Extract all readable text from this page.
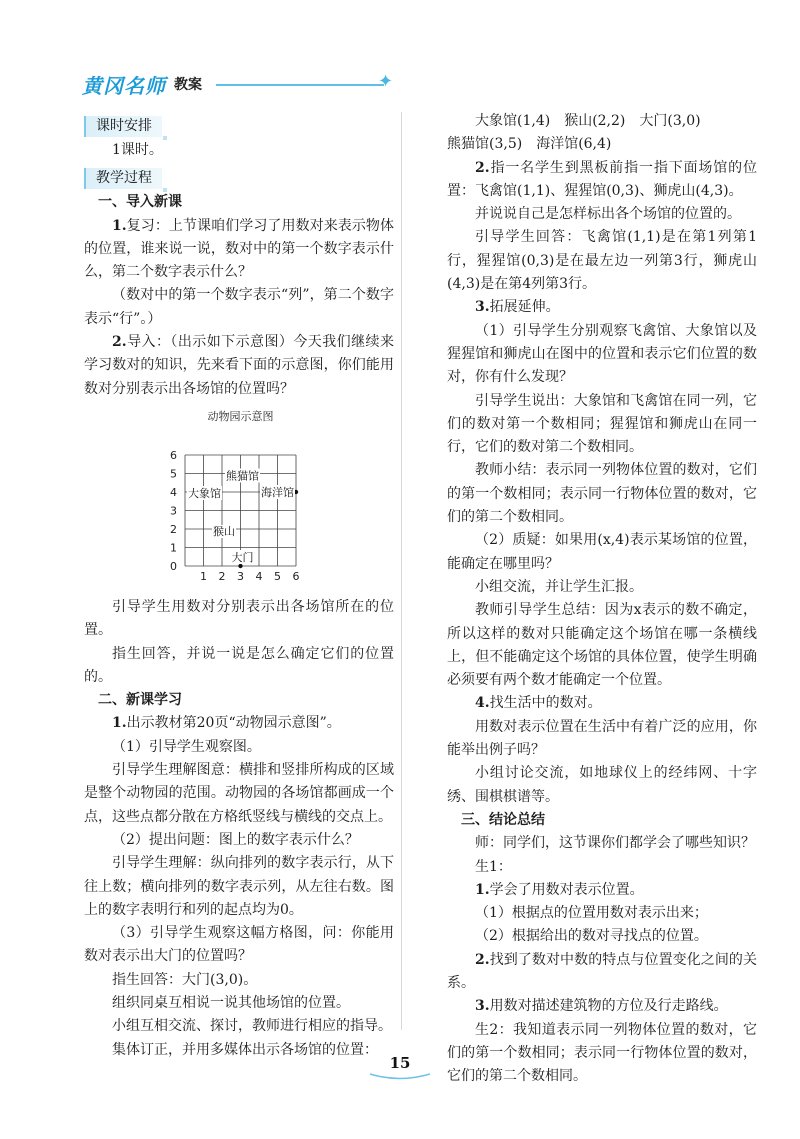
黄冈名师 教案	✦
课时安排

1课时。

教学过程

一、导入新课

1.复习：上节课咱们学习了用数对来表示物体的位置，谁来说一说，数对中的第一个数字表示什么，第二个数字表示什么？

（数对中的第一个数字表示“列”，第二个数字表示“行”。）

2.导入：（出示如下示意图）今天我们继续来学习数对的知识，先来看下面的示意图，你们能用数对分别表示出各场馆的位置吗？

动物园示意图
0
1
2
3
4
5
6
1 2 3 4 5 6
熊猫馆
大象馆	海洋馆
猴山
大门

引导学生用数对分别表示出各场馆所在的位置。

指生回答，并说一说是怎么确定它们的位置的。

二、新课学习

1.出示教材第20页“动物园示意图”。

（1）引导学生观察图。

引导学生理解图意：横排和竖排所构成的区域是整个动物园的范围。动物园的各场馆都画成一个点，这些点都分散在方格纸竖线与横线的交点上。

（2）提出问题：图上的数字表示什么？

引导学生理解：纵向排列的数字表示行，从下往上数；横向排列的数字表示列，从左往右数。图上的数字表明行和列的起点均为0。

（3）引导学生观察这幅方格图，问：你能用数对表示出大门的位置吗？

指生回答：大门(3,0)。

组织同桌互相说一说其他场馆的位置。

小组互相交流、探讨，教师进行相应的指导。

集体订正，并用多媒体出示各场馆的位置：

大象馆(1,4)　猴山(2,2)　大门(3,0)

熊猫馆(3,5)　海洋馆(6,4)

2.指一名学生到黑板前指一指下面场馆的位置：飞禽馆(1,1)、猩猩馆(0,3)、狮虎山(4,3)。

并说说自己是怎样标出各个场馆的位置的。

引导学生回答：飞禽馆(1,1)是在第1列第1行，猩猩馆(0,3)是在最左边一列第3行，狮虎山(4,3)是在第4列第3行。

3.拓展延伸。

（1）引导学生分别观察飞禽馆、大象馆以及猩猩馆和狮虎山在图中的位置和表示它们位置的数对，你有什么发现？

引导学生说出：大象馆和飞禽馆在同一列，它们的数对第一个数相同；猩猩馆和狮虎山在同一行，它们的数对第二个数相同。

教师小结：表示同一列物体位置的数对，它们的第一个数相同；表示同一行物体位置的数对，它们的第二个数相同。

（2）质疑：如果用(x,4)表示某场馆的位置，能确定在哪里吗？

小组交流，并让学生汇报。

教师引导学生总结：因为x表示的数不确定，所以这样的数对只能确定这个场馆在哪一条横线上，但不能确定这个场馆的具体位置，使学生明确必须要有两个数才能确定一个位置。

4.找生活中的数对。

用数对表示位置在生活中有着广泛的应用，你能举出例子吗？

小组讨论交流，如地球仪上的经纬网、十字绣、围棋棋谱等。

三、结论总结

师：同学们，这节课你们都学会了哪些知识？

生1：

1.学会了用数对表示位置。

（1）根据点的位置用数对表示出来；

（2）根据给出的数对寻找点的位置。

2.找到了数对中数的特点与位置变化之间的关系。

3.用数对描述建筑物的方位及行走路线。

生2：我知道表示同一列物体位置的数对，它们的第一个数相同；表示同一行物体位置的数对，它们的第二个数相同。

15
